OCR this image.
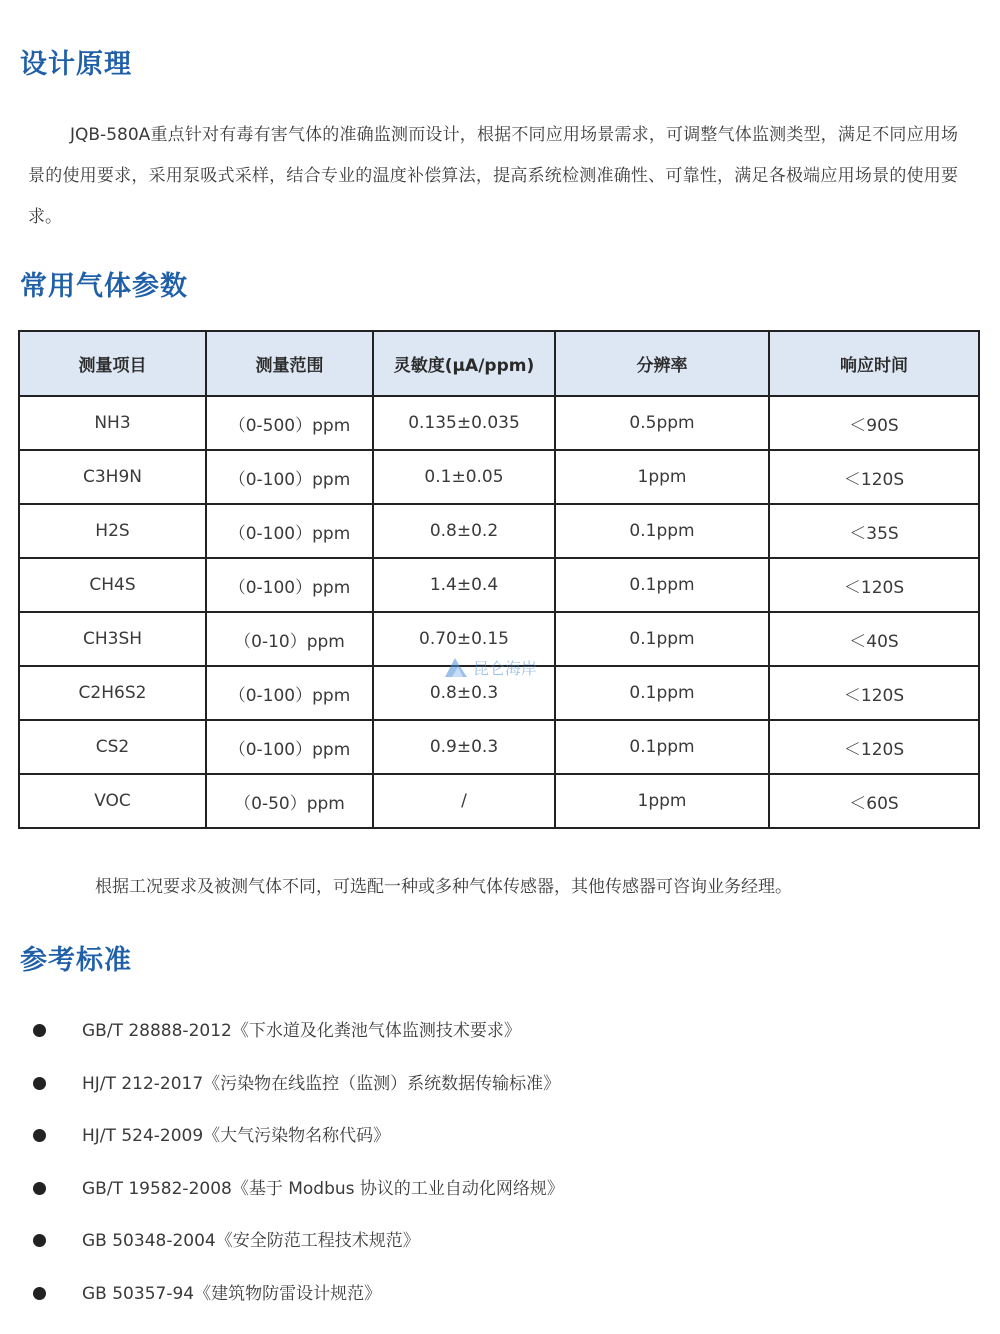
设计原理

JQB-580A重点针对有毒有害气体的准确监测而设计，根据不同应用场景需求，可调整气体监测类型，满足不同应用场景的使用要求，采用泵吸式采样，结合专业的温度补偿算法，提高系统检测准确性、可靠性，满足各极端应用场景的使用要求。

常用气体参数
测量项目	测量范围	灵敏度(μA/ppm)	分辨率	响应时间
NH3	（0-500）ppm	0.135±0.035	0.5ppm	＜90S
C3H9N	（0-100）ppm	0.1±0.05	1ppm	＜120S
H2S	（0-100）ppm	0.8±0.2	0.1ppm	＜35S
CH4S	（0-100）ppm	1.4±0.4	0.1ppm	＜120S
CH3SH	（0-10）ppm	0.70±0.15	0.1ppm	＜40S
C2H6S2	（0-100）ppm	0.8±0.3	0.1ppm	＜120S
CS2	（0-100）ppm	0.9±0.3	0.1ppm	＜120S
VOC	（0-50）ppm	/	1ppm	＜60S
昆仑海岸

根据工况要求及被测气体不同，可选配一种或多种气体传感器，其他传感器可咨询业务经理。

参考标准
GB/T 28888-2012《下水道及化粪池气体监测技术要求》
HJ/T 212-2017《污染物在线监控（监测）系统数据传输标准》
HJ/T 524-2009《大气污染物名称代码》
GB/T 19582-2008《基于 Modbus 协议的工业自动化网络规》
GB 50348-2004《安全防范工程技术规范》
GB 50357-94《建筑物防雷设计规范》
